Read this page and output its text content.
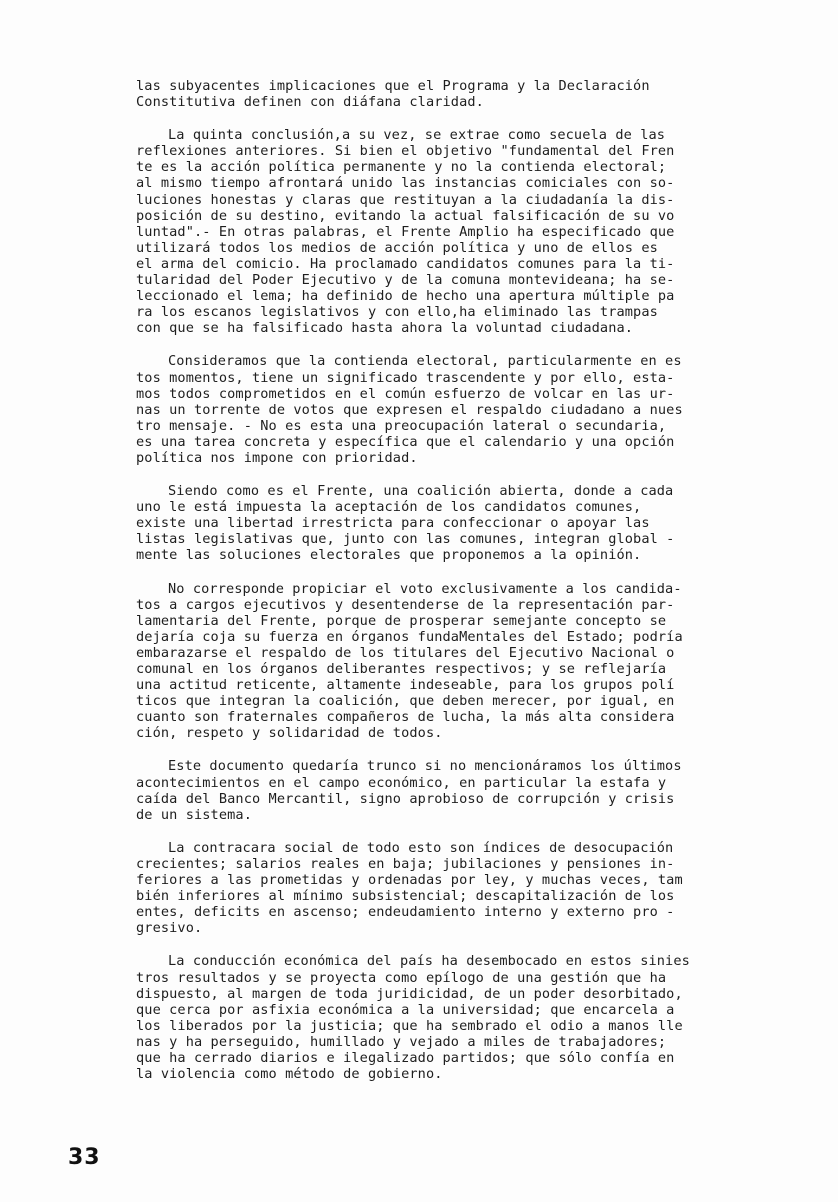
las subyacentes implicaciones que el Programa y la Declaración
Constitutiva definen con diáfana claridad.

La quinta conclusión,a su vez, se extrae como secuela de las
reflexiones anteriores. Si bien el objetivo "fundamental del Fren
te es la acción política permanente y no la contienda electoral;
al mismo tiempo afrontará unido las instancias comiciales con so-
luciones honestas y claras que restituyan a la ciudadanía la dis-
posición de su destino, evitando la actual falsificación de su vo
luntad".- En otras palabras, el Frente Amplio ha especificado que
utilizará todos los medios de acción política y uno de ellos es
el arma del comicio. Ha proclamado candidatos comunes para la ti-
tularidad del Poder Ejecutivo y de la comuna montevideana; ha se-
leccionado el lema; ha definido de hecho una apertura múltiple pa
ra los escanos legislativos y con ello,ha eliminado las trampas
con que se ha falsificado hasta ahora la voluntad ciudadana.

Consideramos que la contienda electoral, particularmente en es
tos momentos, tiene un significado trascendente y por ello, esta-
mos todos comprometidos en el común esfuerzo de volcar en las ur-
nas un torrente de votos que expresen el respaldo ciudadano a nues
tro mensaje. - No es esta una preocupación lateral o secundaria,
es una tarea concreta y específica que el calendario y una opción
política nos impone con prioridad.

Siendo como es el Frente, una coalición abierta, donde a cada
uno le está impuesta la aceptación de los candidatos comunes,
existe una libertad irrestricta para confeccionar o apoyar las
listas legislativas que, junto con las comunes, integran global -
mente las soluciones electorales que proponemos a la opinión.

No corresponde propiciar el voto exclusivamente a los candida-
tos a cargos ejecutivos y desentenderse de la representación par-
lamentaria del Frente, porque de prosperar semejante concepto se
dejaría coja su fuerza en órganos fundaMentales del Estado; podría
embarazarse el respaldo de los titulares del Ejecutivo Nacional o
comunal en los órganos deliberantes respectivos; y se reflejaría
una actitud reticente, altamente indeseable, para los grupos polí
ticos que integran la coalición, que deben merecer, por igual, en
cuanto son fraternales compañeros de lucha, la más alta considera
ción, respeto y solidaridad de todos.

Este documento quedaría trunco si no mencionáramos los últimos
acontecimientos en el campo económico, en particular la estafa y
caída del Banco Mercantil, signo aprobioso de corrupción y crisis
de un sistema.

La contracara social de todo esto son índices de desocupación
crecientes; salarios reales en baja; jubilaciones y pensiones in-
feriores a las prometidas y ordenadas por ley, y muchas veces, tam
bién inferiores al mínimo subsistencial; descapitalización de los
entes, deficits en ascenso; endeudamiento interno y externo pro -
gresivo.

La conducción económica del país ha desembocado en estos sinies
tros resultados y se proyecta como epílogo de una gestión que ha
dispuesto, al margen de toda juridicidad, de un poder desorbitado,
que cerca por asfixia económica a la universidad; que encarcela a
los liberados por la justicia; que ha sembrado el odio a manos lle
nas y ha perseguido, humillado y vejado a miles de trabajadores;
que ha cerrado diarios e ilegalizado partidos; que sólo confía en
la violencia como método de gobierno.

33
